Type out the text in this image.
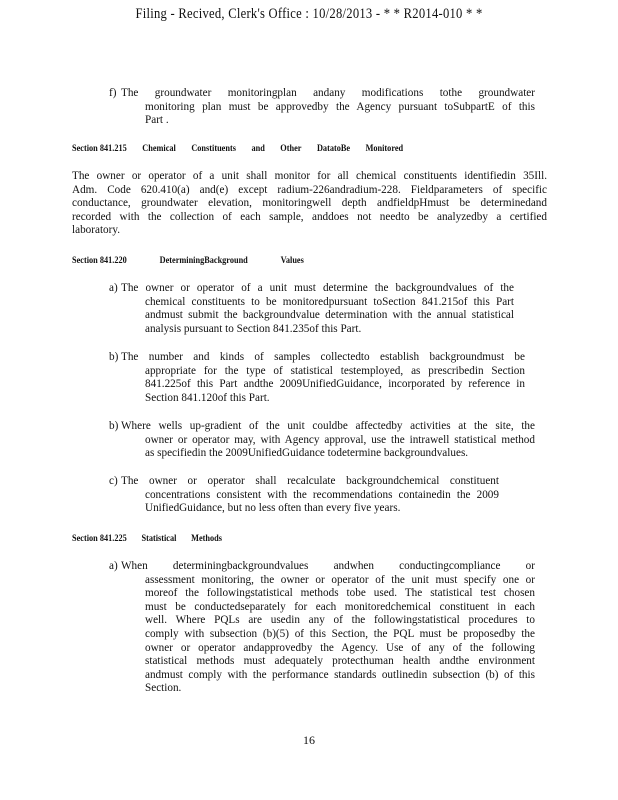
Filing - Recived, Clerk's Office : 10/28/2013 - * * R2014-010 * *
f) The groundwater monitoringplan andany modifications tothe groundwater
monitoring plan must be approvedby the Agency pursuant toSubpartE of this
Part .
Section 841.215 Chemical Constituents and Other DatatoBe Monitored
The owner or operator of a unit shall monitor for all chemical constituents identifiedin 35Ill.
Adm. Code 620.410(a) and(e) except radium-226andradium-228. Fieldparameters of specific
conductance, groundwater elevation, monitoringwell depth andfieldpHmust be determinedand
recorded with the collection of each sample, anddoes not needto be analyzedby a certified
laboratory.
Section 841.220	DeterminingBackground	Values
a) The owner or operator of a unit must determine the backgroundvalues of the
chemical constituents to be monitoredpursuant toSection 841.215of this Part
andmust submit the backgroundvalue determination with the annual statistical
analysis pursuant to Section 841.235of this Part.
b) The number and kinds of samples collectedto establish backgroundmust be
appropriate for the type of statistical testemployed, as prescribedin Section
841.225of this Part andthe 2009UnifiedGuidance, incorporated by reference in
Section 841.120of this Part.
b) Where wells up-gradient of the unit couldbe affectedby activities at the site, the
owner or operator may, with Agency approval, use the intrawell statistical method
as specifiedin the 2009UnifiedGuidance todetermine backgroundvalues.
c) The owner or operator shall recalculate backgroundchemical constituent
concentrations consistent with the recommendations containedin the 2009
UnifiedGuidance, but no less often than every five years.
Section 841.225 Statistical Methods
a) When determiningbackgroundvalues andwhen conductingcompliance or
assessment monitoring, the owner or operator of the unit must specify one or
moreof the followingstatistical methods tobe used. The statistical test chosen
must be conductedseparately for each monitoredchemical constituent in each
well. Where PQLs are usedin any of the followingstatistical procedures to
comply with subsection (b)(5) of this Section, the PQL must be proposedby the
owner or operator andapprovedby the Agency. Use of any of the following
statistical methods must adequately protecthuman health andthe environment
andmust comply with the performance standards outlinedin subsection (b) of this
Section.
16
